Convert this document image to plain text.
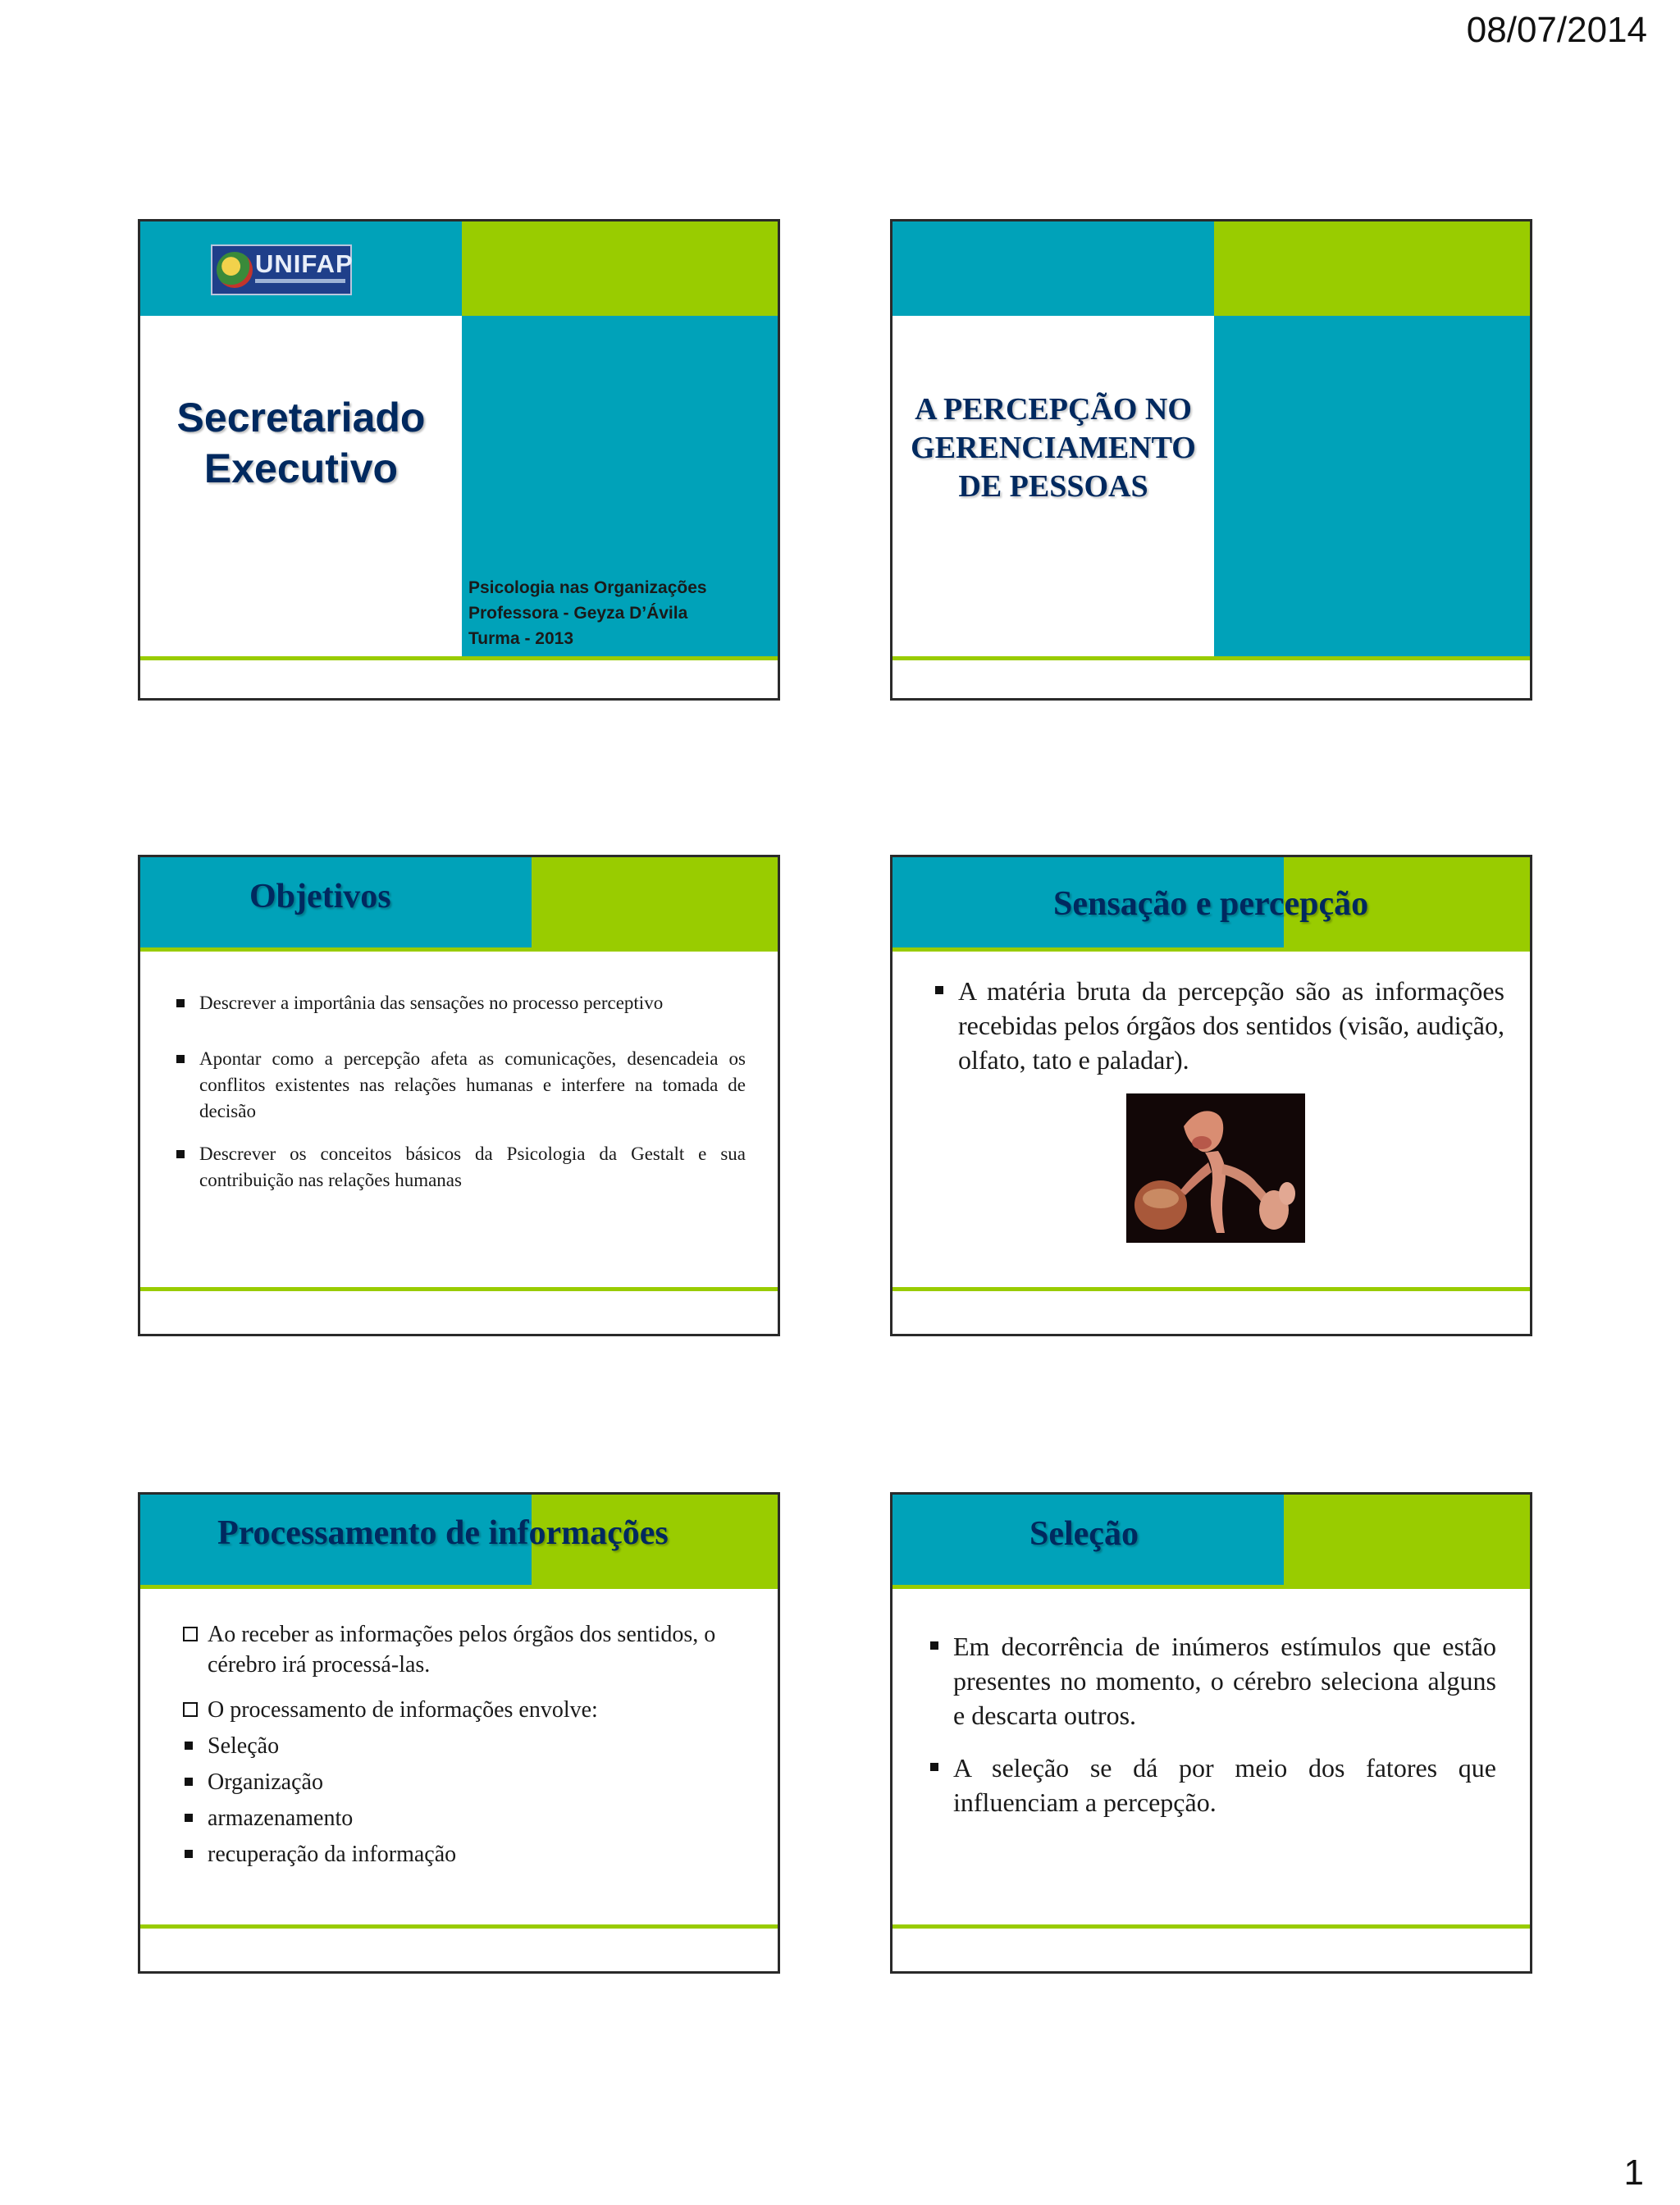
08/07/2014
UNIFAP
Secretariado
Executivo
Psicologia nas Organizações
Professora - Geyza D’Ávila
Turma - 2013
A PERCEPÇÃO NO
GERENCIAMENTO
DE PESSOAS
Objetivos
Descrever a importânia das sensações no processo perceptivo
Apontar como a percepção afeta as comunicações, desencadeia os conflitos existentes nas relações humanas e interfere na tomada de decisão
Descrever os conceitos básicos da Psicologia da Gestalt e sua contribuição nas relações humanas
Sensação e percepção
A matéria bruta da percepção são as informações recebidas pelos órgãos dos sentidos (visão, audição, olfato, tato e paladar).
Processamento de informações
Ao receber as informações pelos órgãos dos sentidos, o cérebro irá processá-las.
O processamento de informações envolve:
Seleção
Organização
armazenamento
recuperação da informação
Seleção
Em decorrência de inúmeros estímulos que estão presentes no momento, o cérebro seleciona alguns e descarta outros.
A seleção se dá por meio dos fatores que influenciam a percepção.
1
